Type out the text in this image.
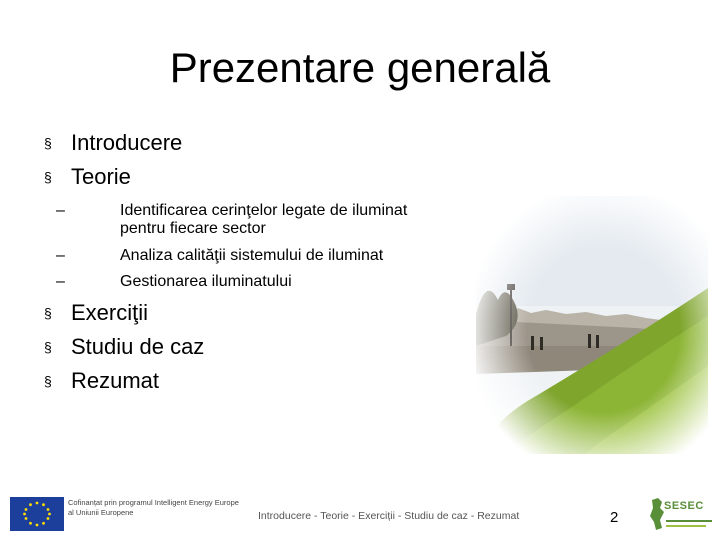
Prezentare generală
§ Introducere
§ Teorie
–	Identificarea cerinţelor legate de iluminat
pentru fiecare sector
–	Analiza calităţii sistemului de iluminat
–	Gestionarea iluminatului
§ Exerciţii
§ Studiu de caz
§ Rezumat
Cofinanțat prin programul Intelligent Energy Europe
al Uniunii Europene	Introducere - Teorie - Exerciții - Studiu de caz - Rezumat	2
SESEC
